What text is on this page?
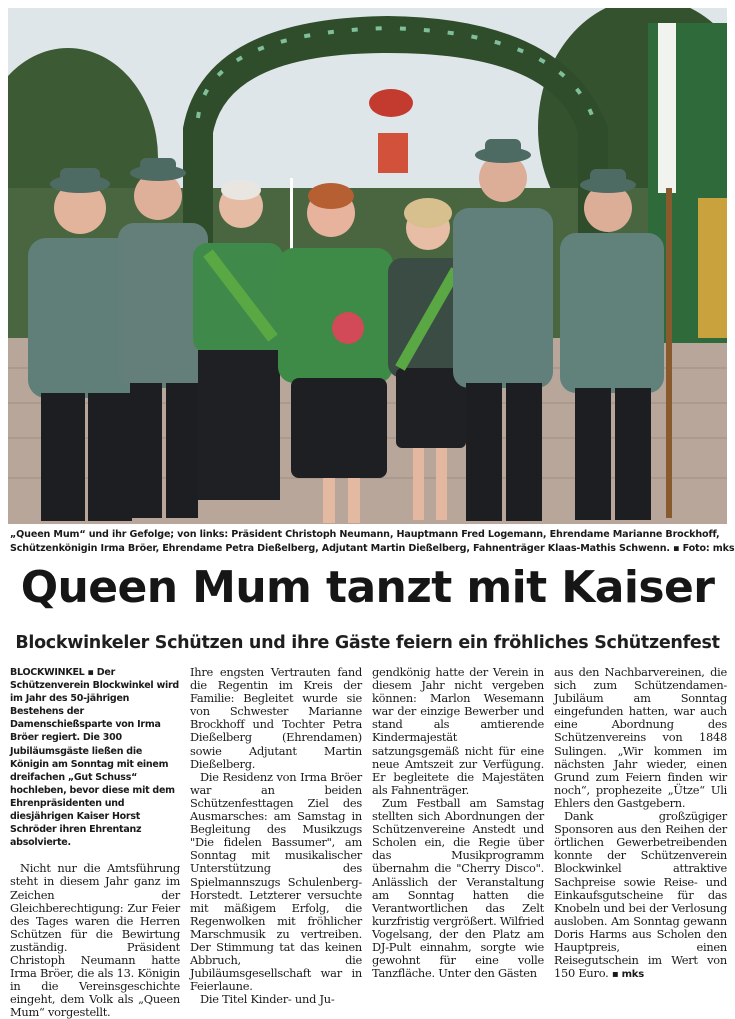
„Queen Mum“ und ihr Gefolge; von links: Präsident Christoph Neumann, Hauptmann Fred Logemann, Ehrendame Marianne Brockhoff,
Schützenkönigin Irma Bröer, Ehrendame Petra Dießelberg, Adjutant Martin Dießelberg, Fahnenträger Klaas-Mathis Schwenn. ▪ Foto: mks
Queen Mum tanzt mit Kaiser
Blockwinkeler Schützen und ihre Gäste feiern ein fröhliches Schützenfest

BLOCKWINKEL ▪ Der Schützenverein Blockwinkel wird im Jahr des 50-jährigen Bestehens der Damenschießsparte von Irma Bröer regiert. Die 300 Jubiläumsgäste ließen die Königin am Sonntag mit einem dreifachen „Gut Schuss“ hochleben, bevor diese mit dem Ehrenpräsidenten und diesjährigen Kaiser Horst Schröder ihren Ehrentanz absolvierte.

Nicht nur die Amtsführung steht in diesem Jahr ganz im Zeichen der Gleichberechtigung: Zur Feier des Tages waren die Herren Schützen für die Bewirtung zuständig. Präsident Christoph Neumann hatte Irma Bröer, die als 13. Königin in die Vereinsgeschichte eingeht, dem Volk als „Queen Mum“ vorgestellt.

Ihre engsten Vertrauten fand die Regentin im Kreis der Familie: Begleitet wurde sie von Schwester Marianne Brockhoff und Tochter Petra Dießelberg (Ehrendamen) sowie Adjutant Martin Dießelberg.

Die Residenz von Irma Bröer war an beiden Schützenfesttagen Ziel des Ausmarsches: am Samstag in Begleitung des Musikzugs "Die fidelen Bassumer", am Sonntag mit musikalischer Unterstützung des Spielmannszugs Schulenberg-Horstedt. Letzterer versuchte mit mäßigem Erfolg, die Regenwolken mit fröhlicher Marschmusik zu vertreiben. Der Stimmung tat das keinen Abbruch, die Jubiläumsgesellschaft war in Feierlaune.

Die Titel Kinder- und Ju-

gendkönig hatte der Verein in diesem Jahr nicht vergeben können: Marlon Wesemann war der einzige Bewerber und stand als amtierende Kindermajestät satzungsgemäß nicht für eine neue Amtszeit zur Verfügung. Er begleitete die Majestäten als Fahnenträger.

Zum Festball am Samstag stellten sich Abordnungen der Schützenvereine Anstedt und Scholen ein, die Regie über das Musikprogramm übernahm die "Cherry Disco". Anlässlich der Veranstaltung am Sonntag hatten die Verantwortlichen das Zelt kurzfristig vergrößert. Wilfried Vogelsang, der den Platz am DJ-Pult einnahm, sorgte wie gewohnt für eine volle Tanzfläche. Unter den Gästen

aus den Nachbarvereinen, die sich zum Schützendamen-Jubiläum am Sonntag eingefunden hatten, war auch eine Abordnung des Schützenvereins von 1848 Sulingen. „Wir kommen im nächsten Jahr wieder, einen Grund zum Feiern finden wir noch“, prophezeite „Ütze“ Uli Ehlers den Gastgebern.

Dank großzügiger Sponsoren aus den Reihen der örtlichen Gewerbetreibenden konnte der Schützenverein Blockwinkel attraktive Sachpreise sowie Reise- und Einkaufsgutscheine für das Knobeln und bei der Verlosung ausloben. Am Sonntag gewann Doris Harms aus Scholen den Hauptpreis, einen Reisegutschein im Wert von 150 Euro. ▪ mks
